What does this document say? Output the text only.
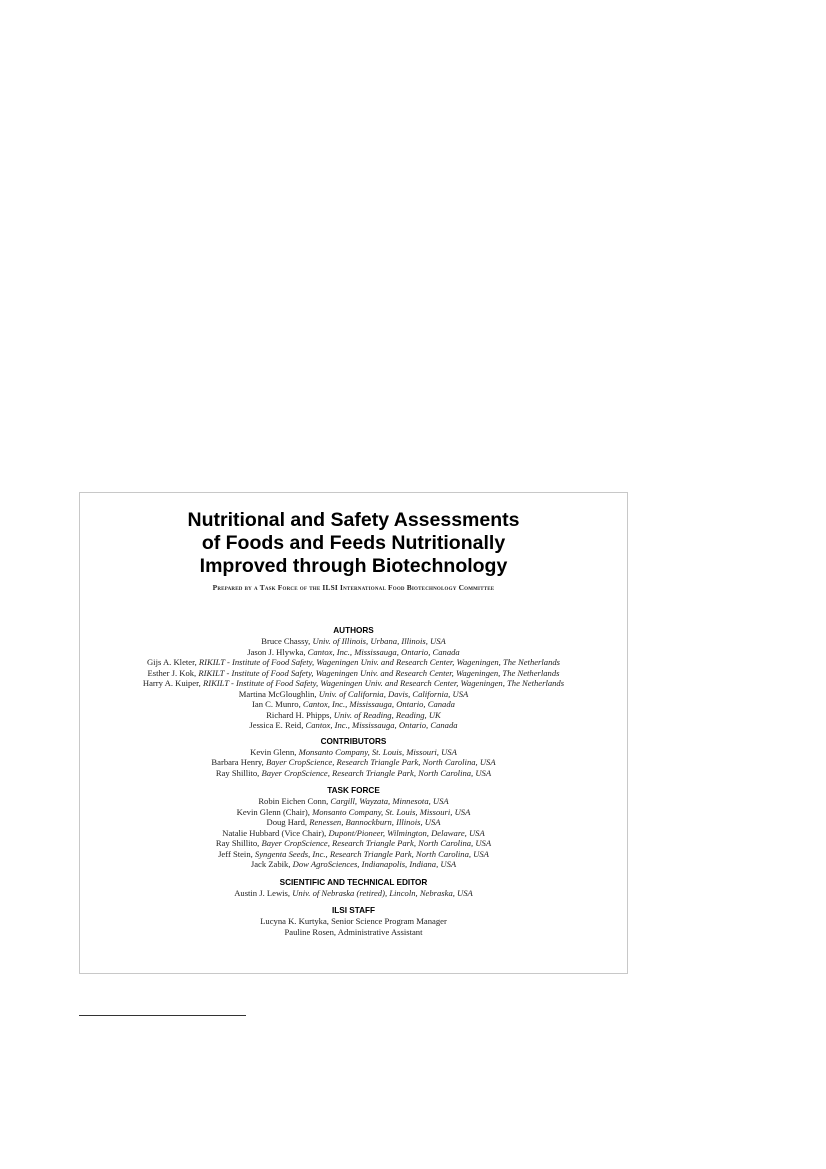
Nutritional and Safety Assessments
of Foods and Feeds Nutritionally
Improved through Biotechnology
Prepared by a Task Force of the ILSI International Food Biotechnology Committee
AUTHORS
Bruce Chassy, Univ. of Illinois, Urbana, Illinois, USA
Jason J. Hlywka, Cantox, Inc., Mississauga, Ontario, Canada
Gijs A. Kleter, RIKILT - Institute of Food Safety, Wageningen Univ. and Research Center, Wageningen, The Netherlands
Esther J. Kok, RIKILT - Institute of Food Safety, Wageningen Univ. and Research Center, Wageningen, The Netherlands
Harry A. Kuiper, RIKILT - Institute of Food Safety, Wageningen Univ. and Research Center, Wageningen, The Netherlands
Martina McGloughlin, Univ. of California, Davis, California, USA
Ian C. Munro, Cantox, Inc., Mississauga, Ontario, Canada
Richard H. Phipps, Univ. of Reading, Reading, UK
Jessica E. Reid, Cantox, Inc., Mississauga, Ontario, Canada
CONTRIBUTORS
Kevin Glenn, Monsanto Company, St. Louis, Missouri, USA
Barbara Henry, Bayer CropScience, Research Triangle Park, North Carolina, USA
Ray Shillito, Bayer CropScience, Research Triangle Park, North Carolina, USA
TASK FORCE
Robin Eichen Conn, Cargill, Wayzata, Minnesota, USA
Kevin Glenn (Chair), Monsanto Company, St. Louis, Missouri, USA
Doug Hard, Renessen, Bannockburn, Illinois, USA
Natalie Hubbard (Vice Chair), Dupont/Pioneer, Wilmington, Delaware, USA
Ray Shillito, Bayer CropScience, Research Triangle Park, North Carolina, USA
Jeff Stein, Syngenta Seeds, Inc., Research Triangle Park, North Carolina, USA
Jack Zabik, Dow AgroSciences, Indianapolis, Indiana, USA
SCIENTIFIC AND TECHNICAL EDITOR
Austin J. Lewis, Univ. of Nebraska (retired), Lincoln, Nebraska, USA
ILSI STAFF
Lucyna K. Kurtyka, Senior Science Program Manager
Pauline Rosen, Administrative Assistant
